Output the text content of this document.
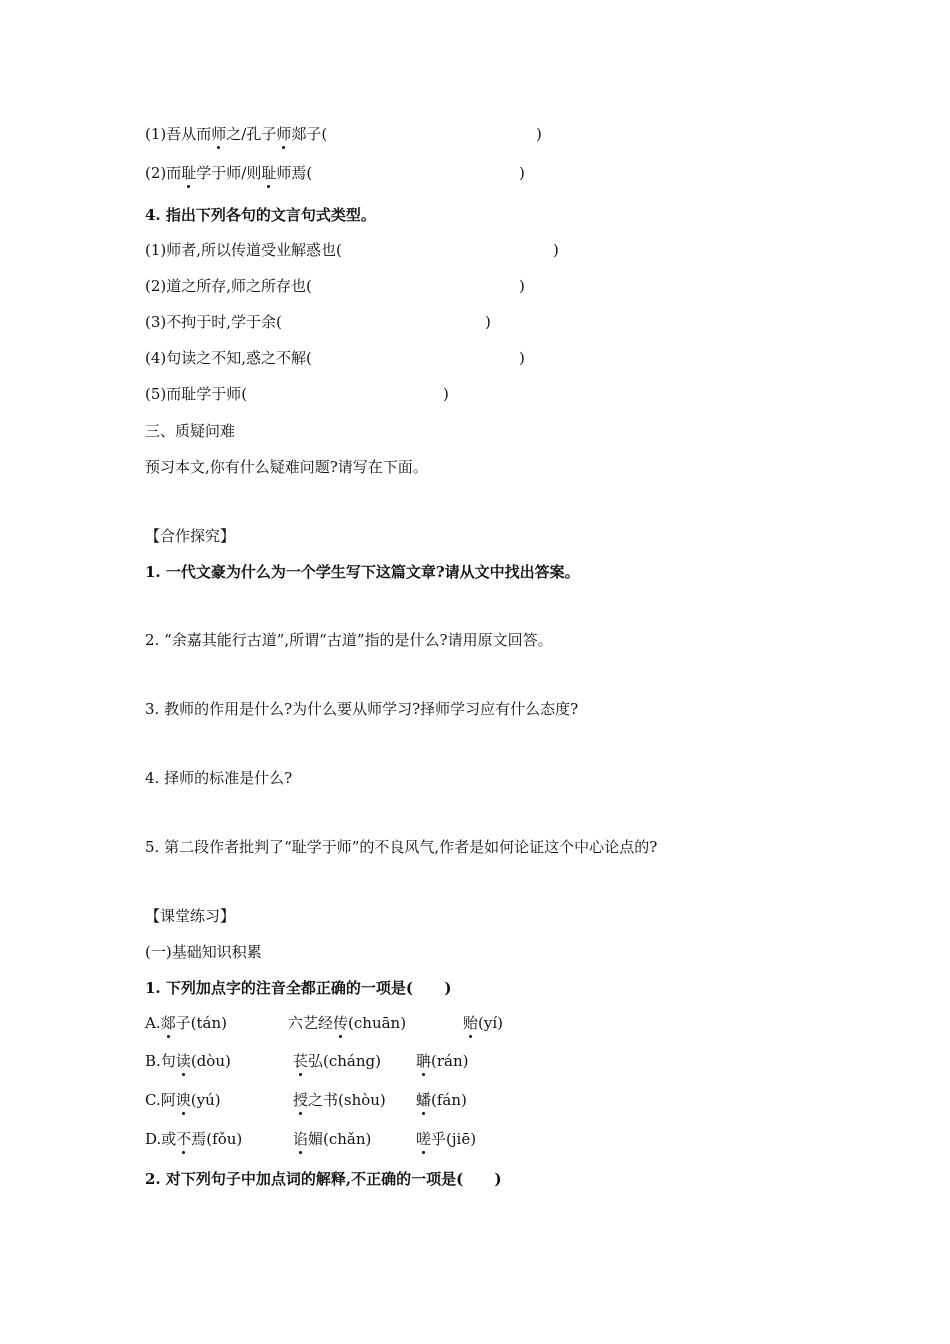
(1)吾从而师之/孔子师郯子(	)
(2)而耻学于师/则耻师焉(	)
4. 指出下列各句的文言句式类型。
(1)师者,所以传道受业解惑也(	)
(2)道之所存,师之所存也(	)
(3)不拘于时,学于余(	)
(4)句读之不知,惑之不解(	)
(5)而耻学于师(	)
三、质疑问难
预习本文,你有什么疑难问题?请写在下面。
【合作探究】
1. 一代文豪为什么为一个学生写下这篇文章?请从文中找出答案。
2. “余嘉其能行古道”,所谓“古道”指的是什么?请用原文回答。
3. 教师的作用是什么?为什么要从师学习?择师学习应有什么态度?
4. 择师的标准是什么?
5. 第二段作者批判了“耻学于师”的不良风气,作者是如何论证这个中心论点的?
【课堂练习】
(一)基础知识积累
1. 下列加点字的注音全都正确的一项是(      )
A.郯子(tán)	六艺经传(chuān)	贻(yí)
B.句读(dòu)	苌弘(cháng) 聃(rán)
C.阿谀(yú)	授之书(shòu) 蟠(fán)
D.或不焉(fǒu)	谄媚(chǎn)	嗟乎(jiē)
2. 对下列句子中加点词的解释,不正确的一项是(      )
